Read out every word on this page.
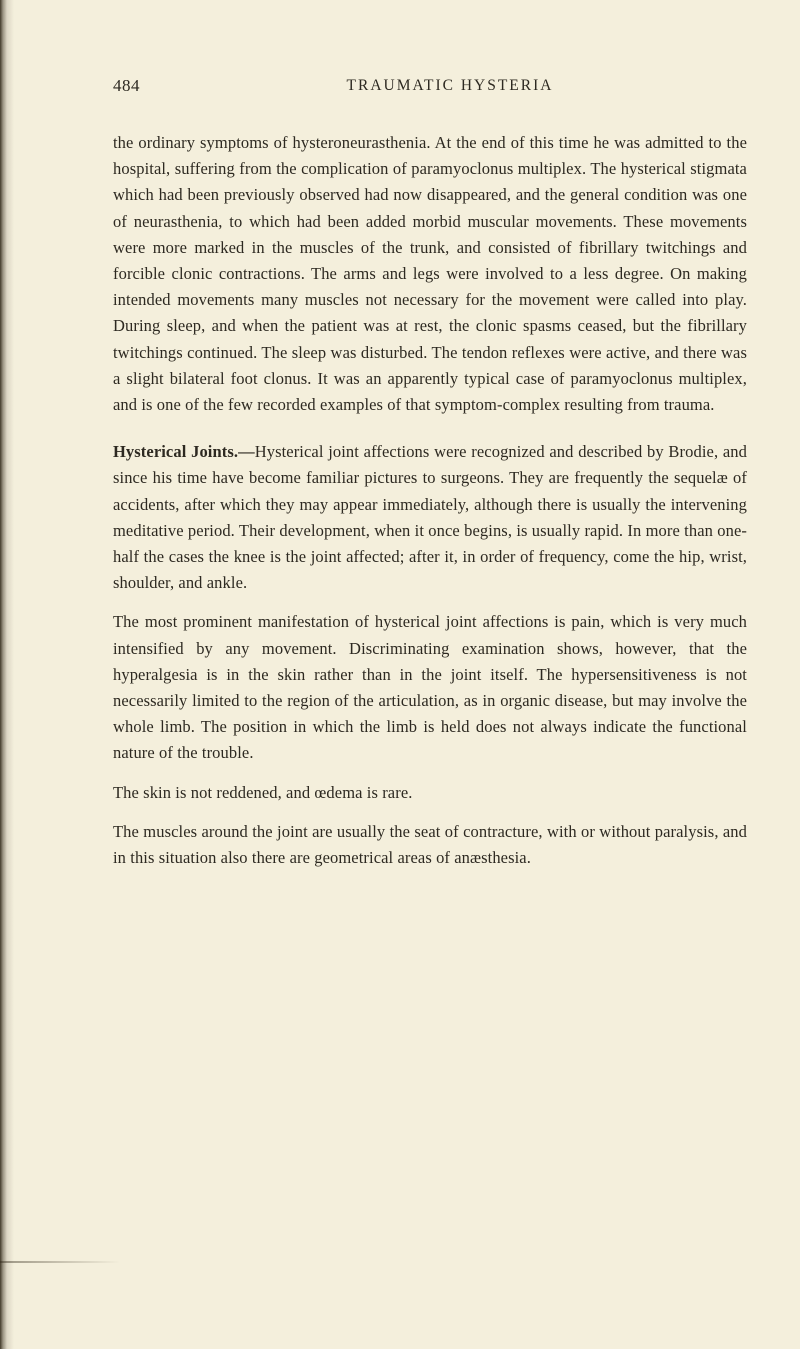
484	TRAUMATIC HYSTERIA

the ordinary symptoms of hysteroneurasthenia. At the end of this time he was admitted to the hospital, suffering from the complication of paramyoclonus multiplex. The hysterical stigmata which had been previously observed had now disappeared, and the general condition was one of neurasthenia, to which had been added morbid muscular movements. These movements were more marked in the muscles of the trunk, and consisted of fibrillary twitchings and forcible clonic contractions. The arms and legs were involved to a less degree. On making intended movements many muscles not necessary for the movement were called into play. During sleep, and when the patient was at rest, the clonic spasms ceased, but the fibrillary twitchings continued. The sleep was disturbed. The tendon reflexes were active, and there was a slight bilateral foot clonus. It was an apparently typical case of paramyoclonus multiplex, and is one of the few recorded examples of that symptom-complex resulting from trauma.

Hysterical Joints.—Hysterical joint affections were recognized and described by Brodie, and since his time have become familiar pictures to surgeons. They are frequently the sequelæ of accidents, after which they may appear immediately, although there is usually the intervening meditative period. Their development, when it once begins, is usually rapid. In more than one-half the cases the knee is the joint affected; after it, in order of frequency, come the hip, wrist, shoulder, and ankle.

The most prominent manifestation of hysterical joint affections is pain, which is very much intensified by any movement. Discriminating examination shows, however, that the hyperalgesia is in the skin rather than in the joint itself. The hypersensitiveness is not necessarily limited to the region of the articulation, as in organic disease, but may involve the whole limb. The position in which the limb is held does not always indicate the functional nature of the trouble.

The skin is not reddened, and œdema is rare.

The muscles around the joint are usually the seat of contracture, with or without paralysis, and in this situation also there are geometrical areas of anæsthesia.
